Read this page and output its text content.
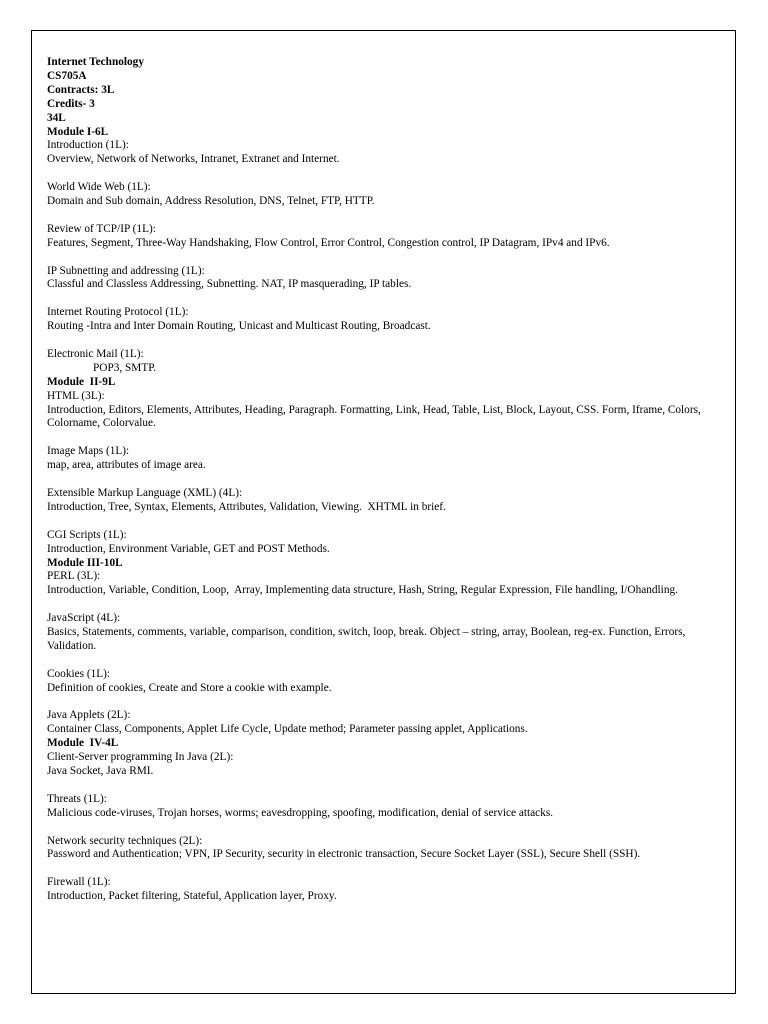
Internet Technology
CS705A
Contracts: 3L
Credits- 3
34L
Module I-6L
Introduction (1L):
Overview, Network of Networks, Intranet, Extranet and Internet.
World Wide Web (1L):
Domain and Sub domain, Address Resolution, DNS, Telnet, FTP, HTTP.
Review of TCP/IP (1L):
Features, Segment, Three-Way Handshaking, Flow Control, Error Control, Congestion control, IP Datagram, IPv4 and IPv6.
IP Subnetting and addressing (1L):
Classful and Classless Addressing, Subnetting. NAT, IP masquerading, IP tables.
Internet Routing Protocol (1L):
Routing -Intra and Inter Domain Routing, Unicast and Multicast Routing, Broadcast.
Electronic Mail (1L):
POP3, SMTP.
Module  II-9L
HTML (3L):
Introduction, Editors, Elements, Attributes, Heading, Paragraph. Formatting, Link, Head, Table, List, Block, Layout, CSS. Form, Iframe, Colors, Colorname, Colorvalue.
Image Maps (1L):
map, area, attributes of image area.
Extensible Markup Language (XML) (4L):
Introduction, Tree, Syntax, Elements, Attributes, Validation, Viewing.  XHTML in brief.
CGI Scripts (1L):
Introduction, Environment Variable, GET and POST Methods.
Module III-10L
PERL (3L):
Introduction, Variable, Condition, Loop,  Array, Implementing data structure, Hash, String, Regular Expression, File handling, I/Ohandling.
JavaScript (4L):
Basics, Statements, comments, variable, comparison, condition, switch, loop, break. Object – string, array, Boolean, reg-ex. Function, Errors, Validation.
Cookies (1L):
Definition of cookies, Create and Store a cookie with example.
Java Applets (2L):
Container Class, Components, Applet Life Cycle, Update method; Parameter passing applet, Applications.
Module  IV-4L
Client-Server programming In Java (2L):
Java Socket, Java RMI.
Threats (1L):
Malicious code-viruses, Trojan horses, worms; eavesdropping, spoofing, modification, denial of service attacks.
Network security techniques (2L):
Password and Authentication; VPN, IP Security, security in electronic transaction, Secure Socket Layer (SSL), Secure Shell (SSH).
Firewall (1L):
Introduction, Packet filtering, Stateful, Application layer, Proxy.
